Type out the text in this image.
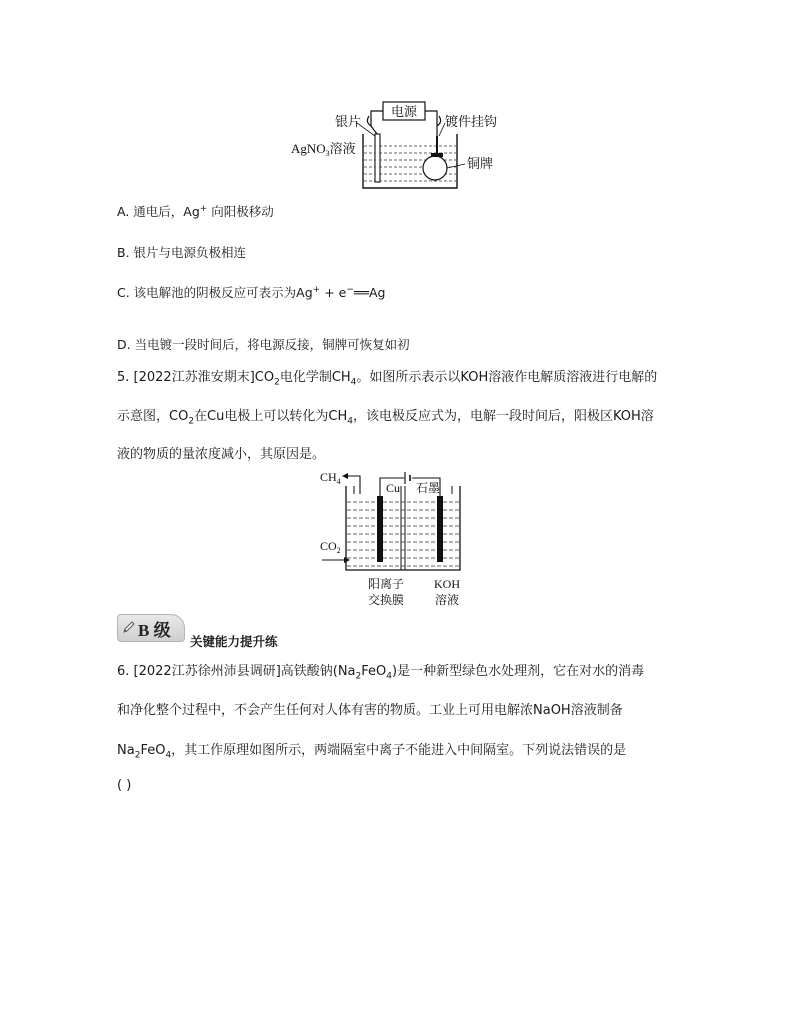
电源
银片	镀件挂钩
AgNO$_3$溶液
铜牌
A. 通电后，Ag+ 向阳极移动
B. 银片与电源负极相连
C. 该电解池的阴极反应可表示为Ag+ + e−══Ag
D. 当电镀一段时间后，将电源反接，铜牌可恢复如初
5. [2022江苏淮安期末]$CO_2$电化学制$CH_4$。如图所示表示以KOH溶液作电解质溶液进行电解的
示意图，$CO_2$在Cu电极上可以转化为$CH_4$，该电极反应式为，电解一段时间后，阳极区KOH溶
液的物质的量浓度减小，其原因是。
$CH_4$	Cu 石墨
$CO_2$
阳离子
交换膜
KOH
溶液
B 级
关键能力提升练
6. [2022江苏徐州沛县调研]高铁酸钠$(Na_2FeO_4)$是一种新型绿色水处理剂，它在对水的消毒
和净化整个过程中，不会产生任何对人体有害的物质。工业上可用电解浓NaOH溶液制备
$Na_2FeO_4$，其工作原理如图所示，两端隔室中离子不能进入中间隔室。下列说法错误的是
( )
